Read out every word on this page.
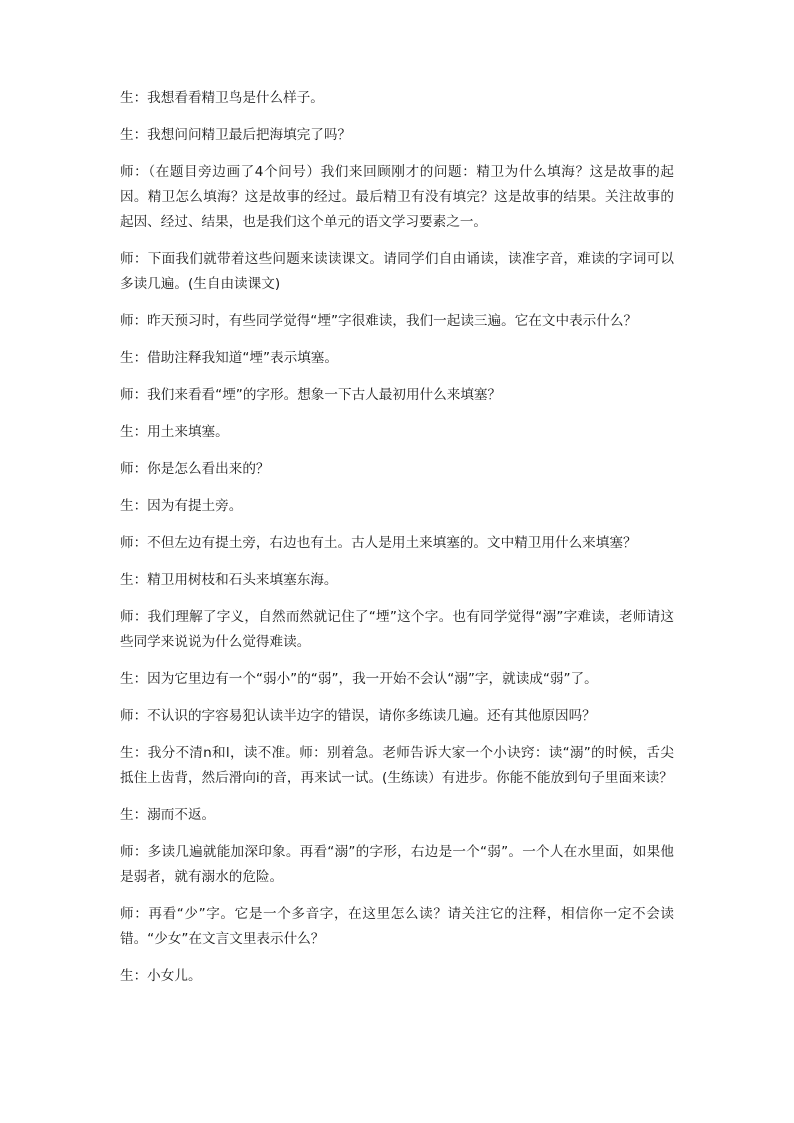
生：我想看看精卫鸟是什么样子。

生：我想问问精卫最后把海填完了吗？

师：（在题目旁边画了4个问号）我们来回顾刚才的问题：精卫为什么填海？这是故事的起因。精卫怎么填海？这是故事的经过。最后精卫有没有填完？这是故事的结果。关注故事的起因、经过、结果，也是我们这个单元的语文学习要素之一。

师：下面我们就带着这些问题来读读课文。请同学们自由诵读，读准字音，难读的字词可以多读几遍。(生自由读课文)

师：昨天预习时，有些同学觉得“堙”字很难读，我们一起读三遍。它在文中表示什么？

生：借助注释我知道“堙”表示填塞。

师：我们来看看“堙”的字形。想象一下古人最初用什么来填塞？

生：用土来填塞。

师：你是怎么看出来的？

生：因为有提土旁。

师：不但左边有提土旁，右边也有土。古人是用土来填塞的。文中精卫用什么来填塞？

生：精卫用树枝和石头来填塞东海。

师：我们理解了字义，自然而然就记住了“堙”这个字。也有同学觉得“溺”字难读，老师请这些同学来说说为什么觉得难读。

生：因为它里边有一个“弱小”的“弱”，我一开始不会认“溺”字，就读成“弱”了。

师：不认识的字容易犯认读半边字的错误，请你多练读几遍。还有其他原因吗？

生：我分不清n和l，读不准。师：别着急。老师告诉大家一个小诀窍：读“溺”的时候，舌尖抵住上齿背，然后滑向i的音，再来试一试。(生练读）有进步。你能不能放到句子里面来读？

生：溺而不返。

师：多读几遍就能加深印象。再看“溺”的字形，右边是一个“弱”。一个人在水里面，如果他是弱者，就有溺水的危险。

师：再看“少”字。它是一个多音字，在这里怎么读？请关注它的注释，相信你一定不会读错。“少女”在文言文里表示什么？

生：小女儿。
